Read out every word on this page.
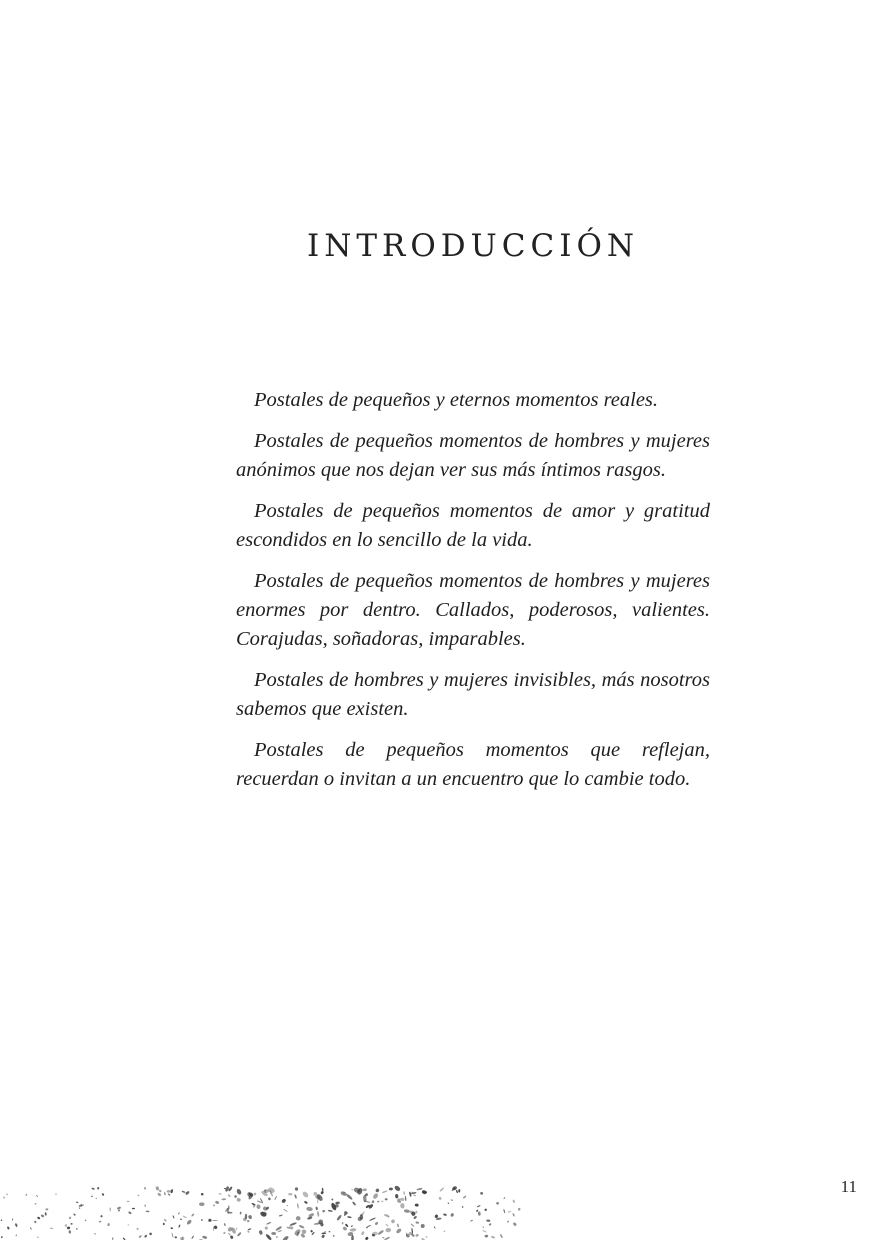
INTRODUCCIÓN

Postales de pequeños y eternos momentos reales.

Postales de pequeños momentos de hombres y mujeres anónimos que nos dejan ver sus más íntimos rasgos.

Postales de pequeños momentos de amor y gratitud escondidos en lo sencillo de la vida.

Postales de pequeños momentos de hombres y mujeres enormes por dentro. Callados, poderosos, valientes. Corajudas, soñadoras, imparables.

Postales de hombres y mujeres invisibles, más nosotros sabemos que existen.

Postales de pequeños momentos que reflejan, recuerdan o invitan a un encuentro que lo cambie todo.

11
